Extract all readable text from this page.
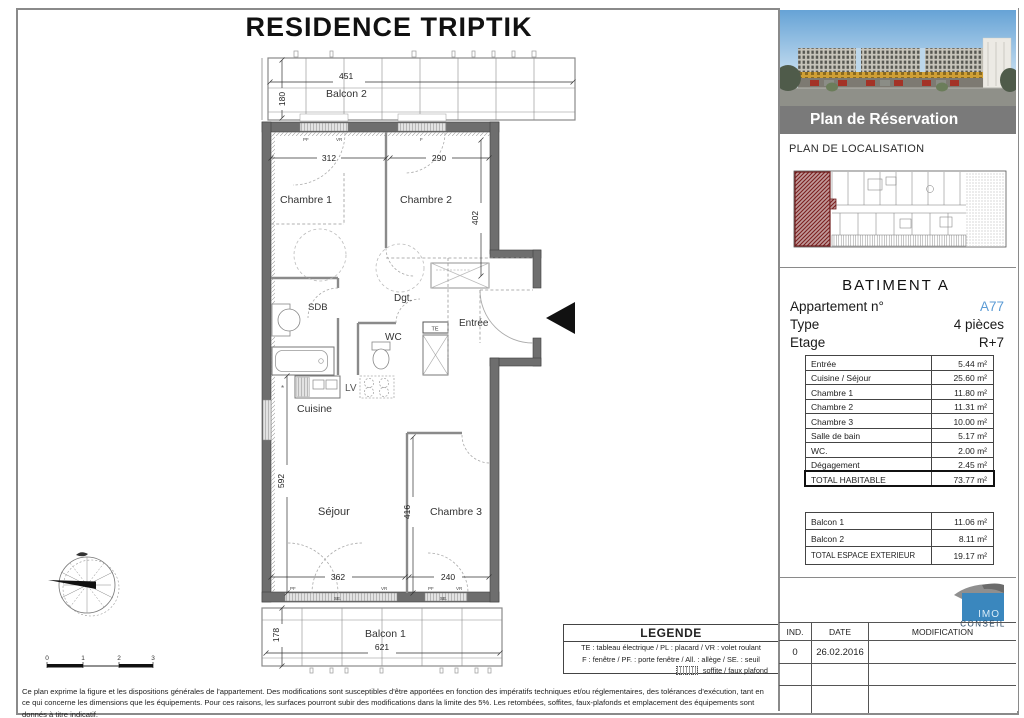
RESIDENCE TRIPTIK
451
180	Balcon 2
PF	VR	F
PF	VR	PF	VR
SE.	SE.
TE
*
312	290
402
592
416
362	240
Chambre 1	Chambre 2
SDB
Dgt.
WC
Entrée
Cuisine
LV
Séjour	Chambre 3
178
621
Balcon 1
0	1	2	3
LEGENDE
TE : tableau électrique / PL : placard / VR : volet roulant
F : fenêtre / PF. : porte fenêtre / All. : allège / SE. : seuil
soffite / faux plafond
Ce plan exprime la figure et les dispositions générales de l'appartement. Des modifications sont susceptibles d'être apportées en fonction des impératifs techniques et/ou réglementaires, des tolérances d'exécution, tant en ce qui concerne les dimensions que les équipements. Pour ces raisons, les surfaces pourront subir des modifications dans la limite des 5%. Les retombées, soffites, faux-plafonds et emplacement des équipements sont donnés à titre indicatif.
Plan de Réservation
PLAN DE LOCALISATION
BATIMENT A
Appartement n°	A77
Type	4 pièces
Etage	R+7
Entrée	5.44 m²
Cuisine / Séjour	25.60 m²
Chambre 1	11.80 m²
Chambre 2	11.31 m²
Chambre 3	10.00 m²
Salle de bain	5.17 m²
WC.	2.00 m²
Dégagement	2.45 m²
TOTAL HABITABLE	73.77 m²
Balcon 1	11.06 m²
Balcon 2	8.11 m²
TOTAL ESPACE EXTERIEUR	19.17 m²
IMO
CONSEIL
IND.	DATE	MODIFICATION
0	26.02.2016
